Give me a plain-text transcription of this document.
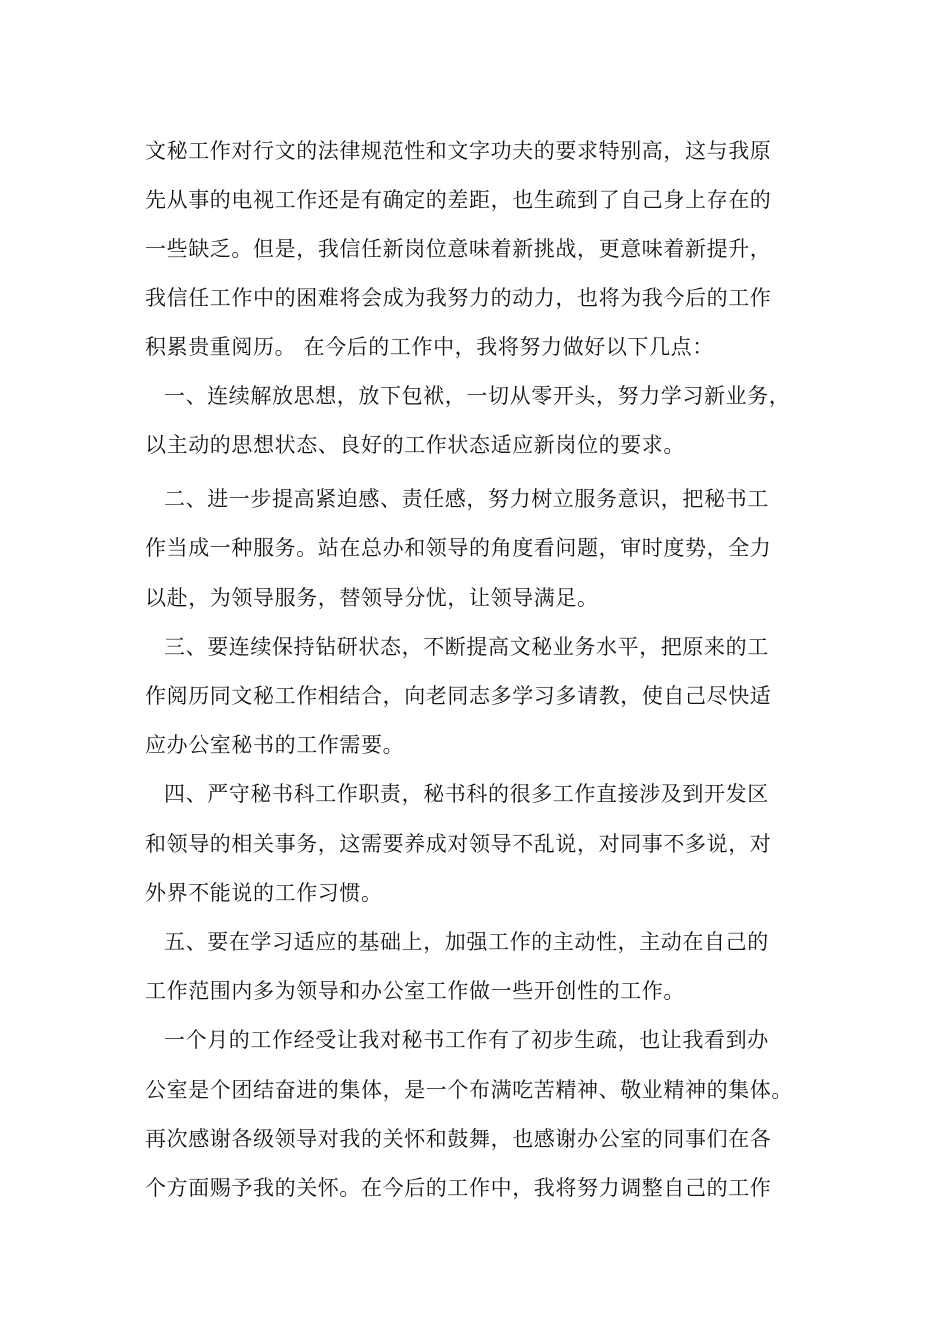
文秘工作对行文的法律规范性和文字功夫的要求特别高，这与我原
先从事的电视工作还是有确定的差距，也生疏到了自己身上存在的
一些缺乏。但是，我信任新岗位意味着新挑战，更意味着新提升，
我信任工作中的困难将会成为我努力的动力，也将为我今后的工作
积累贵重阅历。 在今后的工作中，我将努力做好以下几点：
一、连续解放思想，放下包袱，一切从零开头，努力学习新业务，
以主动的思想状态、良好的工作状态适应新岗位的要求。
二、进一步提高紧迫感、责任感，努力树立服务意识，把秘书工
作当成一种服务。站在总办和领导的角度看问题，审时度势，全力
以赴，为领导服务，替领导分忧，让领导满足。
三、要连续保持钻研状态，不断提高文秘业务水平，把原来的工
作阅历同文秘工作相结合，向老同志多学习多请教，使自己尽快适
应办公室秘书的工作需要。
四、严守秘书科工作职责，秘书科的很多工作直接涉及到开发区
和领导的相关事务，这需要养成对领导不乱说，对同事不多说，对
外界不能说的工作习惯。
五、要在学习适应的基础上，加强工作的主动性，主动在自己的
工作范围内多为领导和办公室工作做一些开创性的工作。
一个月的工作经受让我对秘书工作有了初步生疏，也让我看到办
公室是个团结奋进的集体，是一个布满吃苦精神、敬业精神的集体。
再次感谢各级领导对我的关怀和鼓舞，也感谢办公室的同事们在各
个方面赐予我的关怀。在今后的工作中，我将努力调整自己的工作
